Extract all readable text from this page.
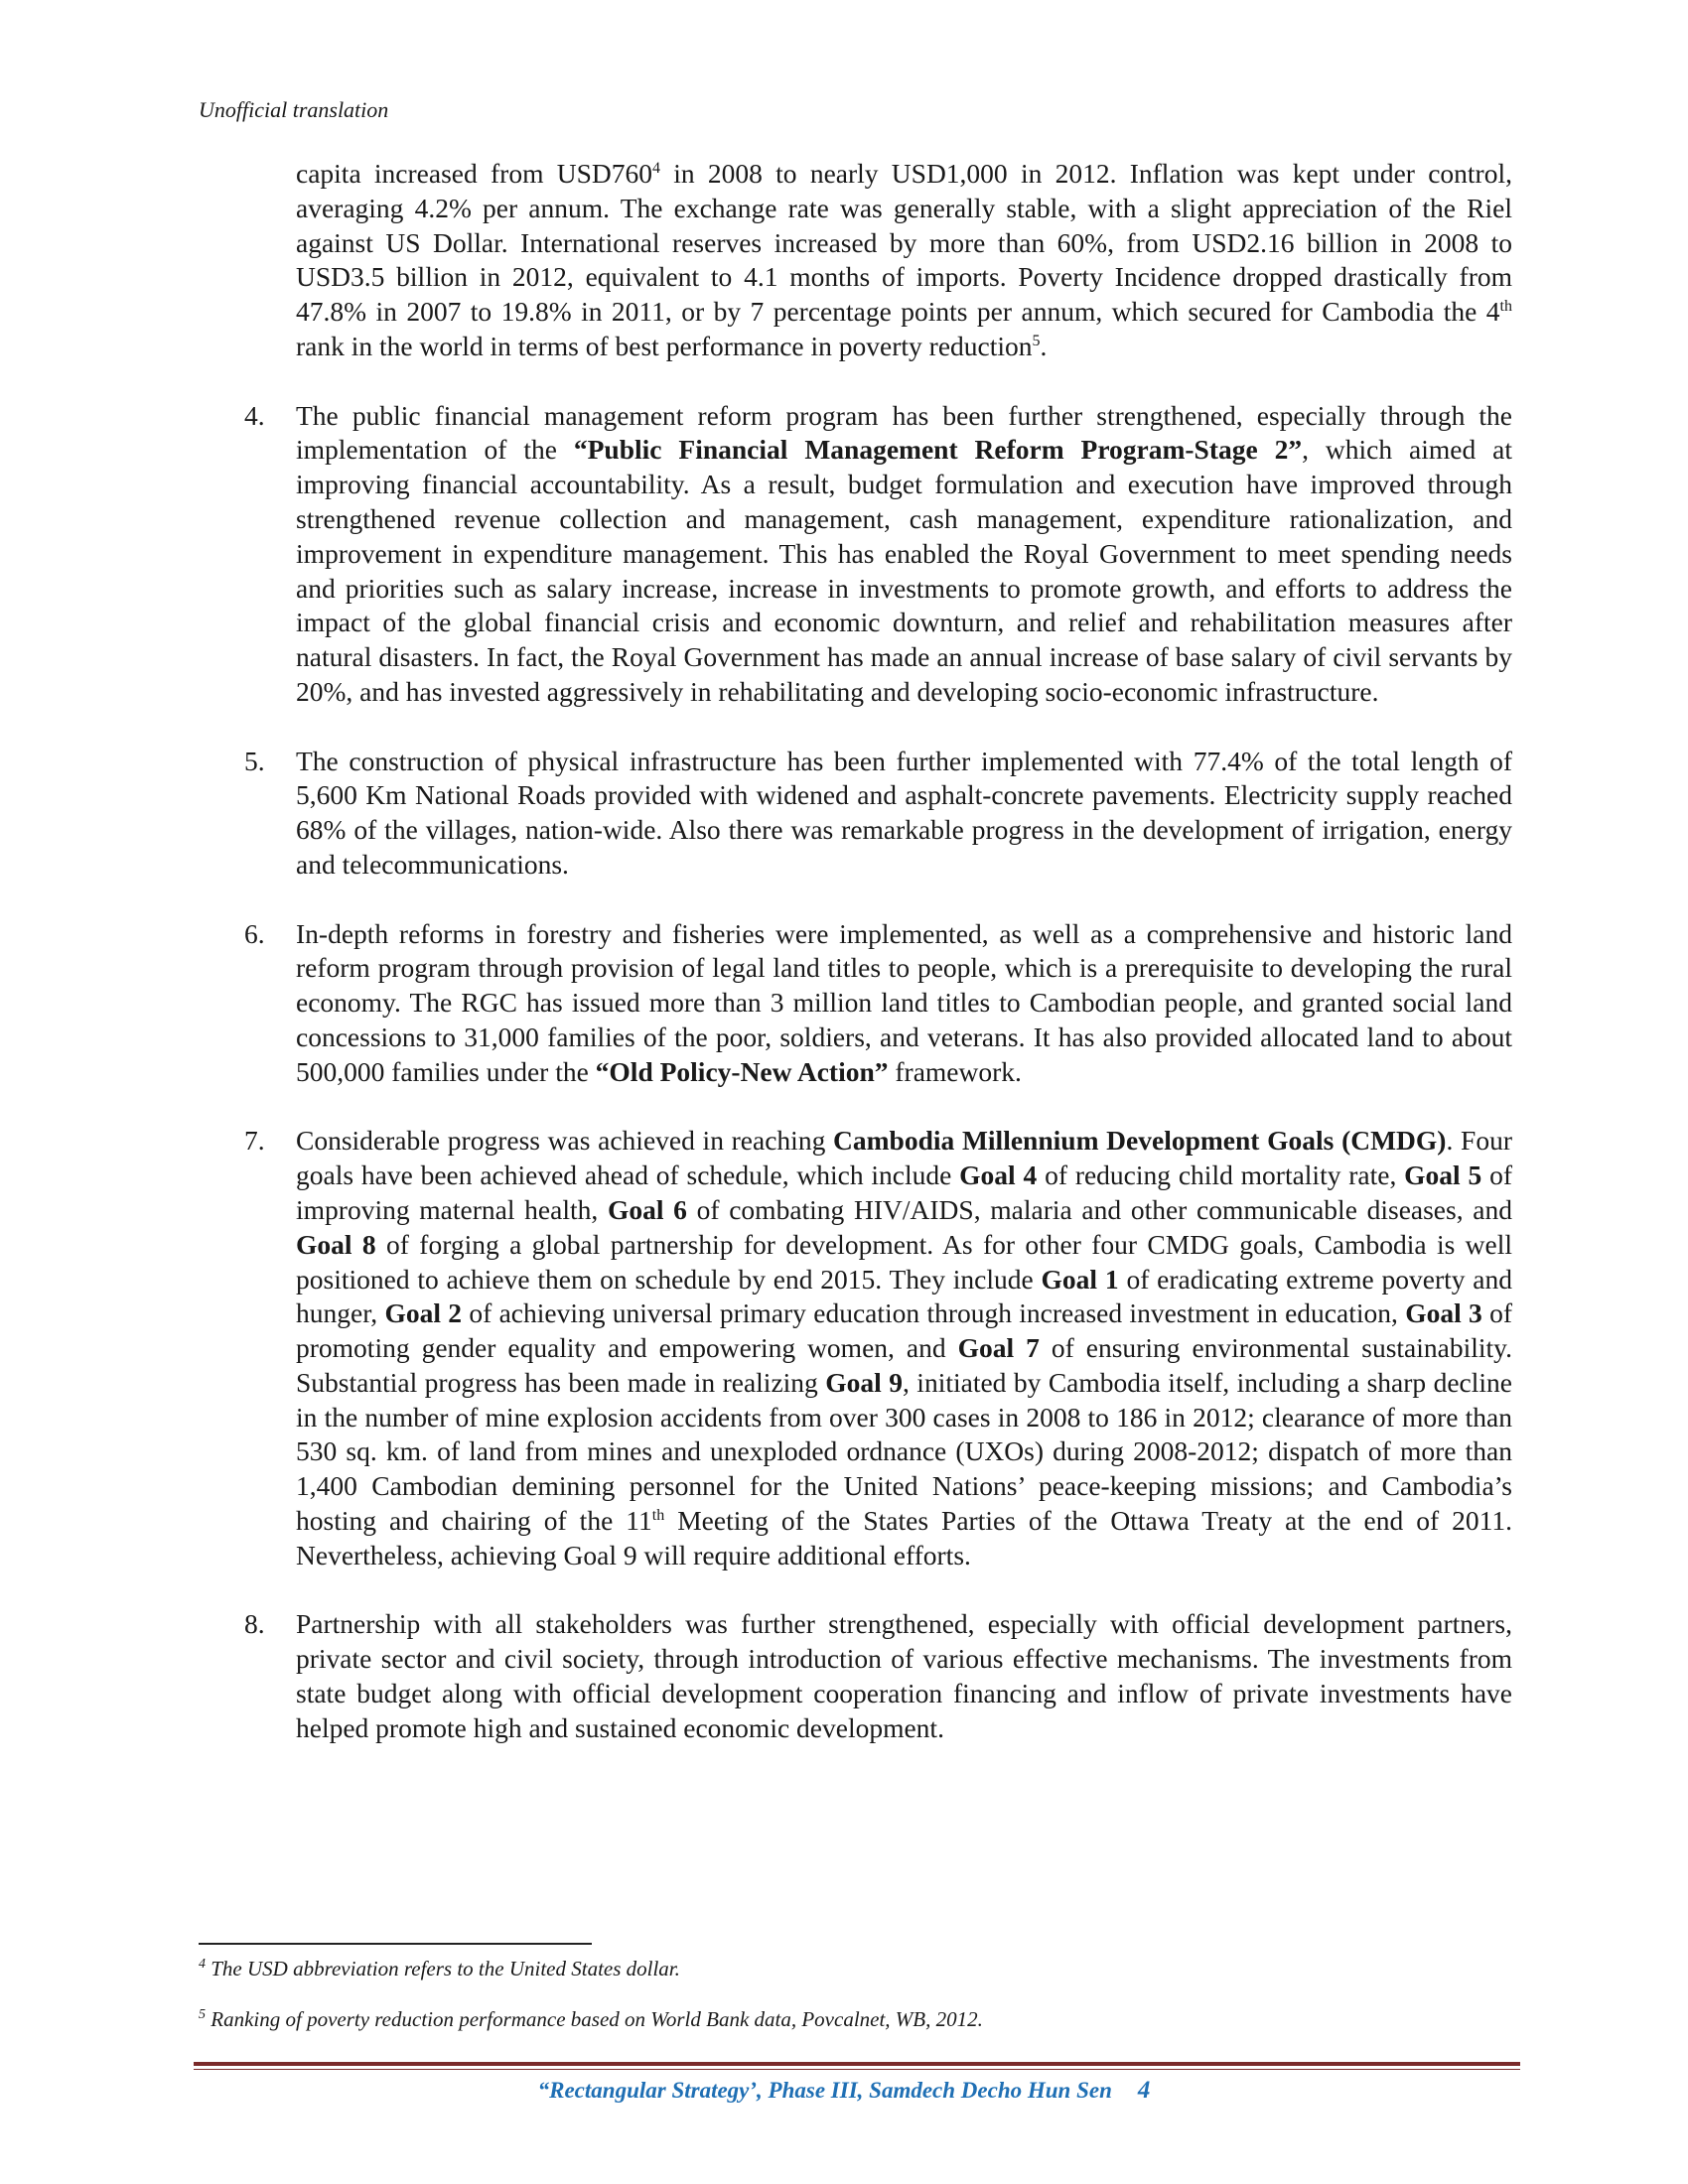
Unofficial translation

capita increased from $USD760^4$ in 2008 to nearly USD1,000 in 2012. Inflation was kept under control, averaging 4.2% per annum. The exchange rate was generally stable, with a slight appreciation of the Riel against US Dollar. International reserves increased by more than 60%, from USD2.16 billion in 2008 to USD3.5 billion in 2012, equivalent to 4.1 months of imports. Poverty Incidence dropped drastically from 47.8% in 2007 to 19.8% in 2011, or by 7 percentage points per annum, which secured for Cambodia the 4th rank in the world in terms of best performance in poverty reduction$^5$.

4. The public financial management reform program has been further strengthened, especially through the implementation of the “Public Financial Management Reform Program-Stage 2”, which aimed at improving financial accountability. As a result, budget formulation and execution have improved through strengthened revenue collection and management, cash management, expenditure rationalization, and improvement in expenditure management. This has enabled the Royal Government to meet spending needs and priorities such as salary increase, increase in investments to promote growth, and efforts to address the impact of the global financial crisis and economic downturn, and relief and rehabilitation measures after natural disasters. In fact, the Royal Government has made an annual increase of base salary of civil servants by 20%, and has invested aggressively in rehabilitating and developing socio-economic infrastructure.

5. The construction of physical infrastructure has been further implemented with 77.4% of the total length of 5,600 Km National Roads provided with widened and asphalt-concrete pavements. Electricity supply reached 68% of the villages, nation-wide. Also there was remarkable progress in the development of irrigation, energy and telecommunications.

6. In-depth reforms in forestry and fisheries were implemented, as well as a comprehensive and historic land reform program through provision of legal land titles to people, which is a prerequisite to developing the rural economy. The RGC has issued more than 3 million land titles to Cambodian people, and granted social land concessions to 31,000 families of the poor, soldiers, and veterans. It has also provided allocated land to about 500,000 families under the “Old Policy-New Action” framework.

7. Considerable progress was achieved in reaching Cambodia Millennium Development Goals (CMDG). Four goals have been achieved ahead of schedule, which include Goal 4 of reducing child mortality rate, Goal 5 of improving maternal health, Goal 6 of combating HIV/AIDS, malaria and other communicable diseases, and Goal 8 of forging a global partnership for development. As for other four CMDG goals, Cambodia is well positioned to achieve them on schedule by end 2015. They include Goal 1 of eradicating extreme poverty and hunger, Goal 2 of achieving universal primary education through increased investment in education, Goal 3 of promoting gender equality and empowering women, and Goal 7 of ensuring environmental sustainability. Substantial progress has been made in realizing Goal 9, initiated by Cambodia itself, including a sharp decline in the number of mine explosion accidents from over 300 cases in 2008 to 186 in 2012; clearance of more than 530 sq. km. of land from mines and unexploded ordnance (UXOs) during 2008-2012; dispatch of more than 1,400 Cambodian demining personnel for the United Nations’ peace-keeping missions; and Cambodia’s hosting and chairing of the 11th Meeting of the States Parties of the Ottawa Treaty at the end of 2011. Nevertheless, achieving Goal 9 will require additional efforts.

8. Partnership with all stakeholders was further strengthened, especially with official development partners, private sector and civil society, through introduction of various effective mechanisms. The investments from state budget along with official development cooperation financing and inflow of private investments have helped promote high and sustained economic development.

$^4$ The USD abbreviation refers to the United States dollar.
$^5$ Ranking of poverty reduction performance based on World Bank data, Povcalnet, WB, 2012.
“Rectangular Strategy’, Phase III, Samdech Decho Hun Sen 4
